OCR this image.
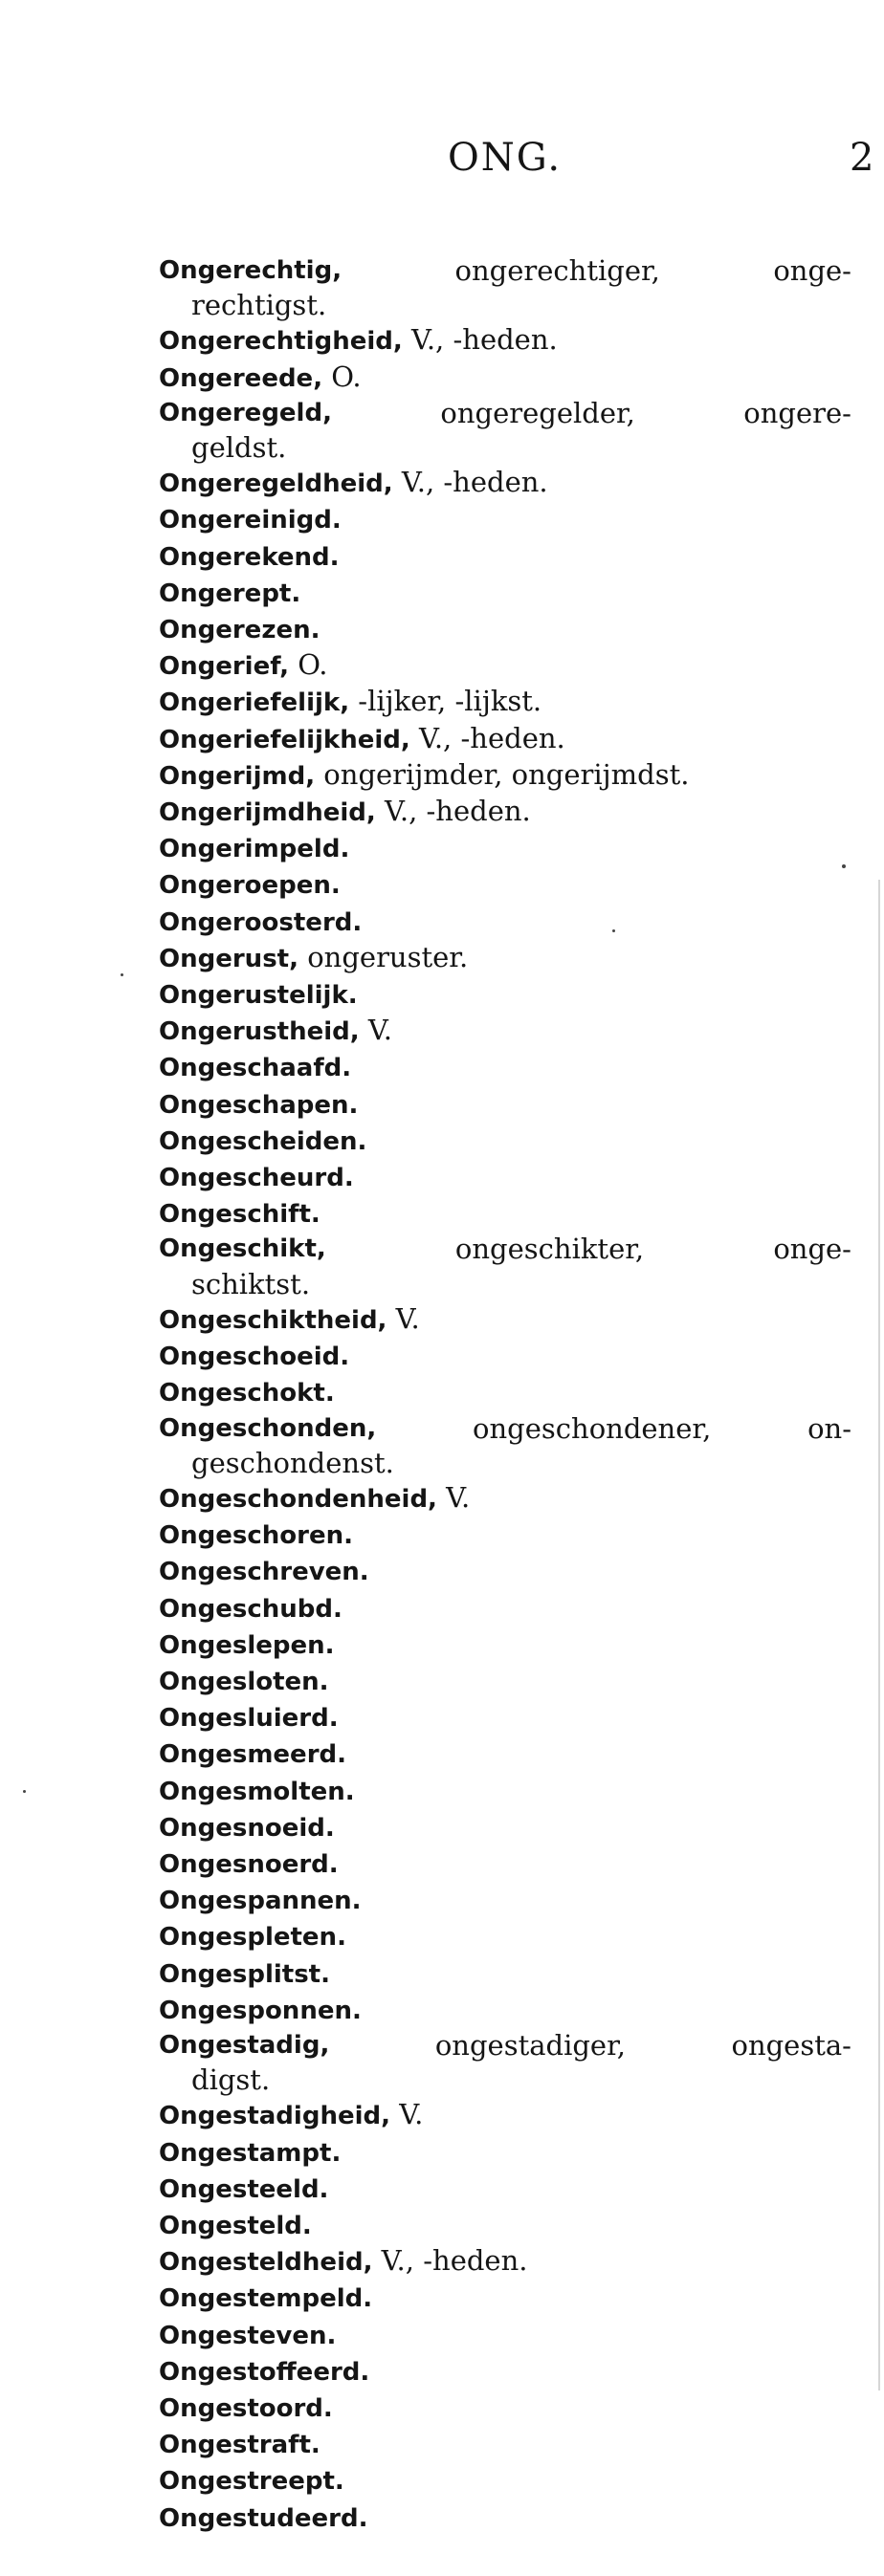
ONG.	2
Ongerechtig,	ongerechtiger,	onge-
rechtigst.
Ongerechtigheid, V., -heden.
Ongereede, O.
Ongeregeld,	ongeregelder,	ongere-
geldst.
Ongeregeldheid, V., -heden.
Ongereinigd.
Ongerekend.
Ongerept.
Ongerezen.
Ongerief, O.
Ongeriefelijk, -lijker, -lijkst.
Ongeriefelijkheid, V., -heden.
Ongerijmd, ongerijmder, ongerijmdst.
Ongerijmdheid, V., -heden.
Ongerimpeld.
Ongeroepen.
Ongeroosterd.
Ongerust, ongeruster.
Ongerustelijk.
Ongerustheid, V.
Ongeschaafd.
Ongeschapen.
Ongescheiden.
Ongescheurd.
Ongeschift.
Ongeschikt,	ongeschikter,	onge-
schiktst.
Ongeschiktheid, V.
Ongeschoeid.
Ongeschokt.
Ongeschonden,	ongeschondener,	on-
geschondenst.
Ongeschondenheid, V.
Ongeschoren.
Ongeschreven.
Ongeschubd.
Ongeslepen.
Ongesloten.
Ongesluierd.
Ongesmeerd.
Ongesmolten.
Ongesnoeid.
Ongesnoerd.
Ongespannen.
Ongespleten.
Ongesplitst.
Ongesponnen.
Ongestadig,	ongestadiger,	ongesta-
digst.
Ongestadigheid, V.
Ongestampt.
Ongesteeld.
Ongesteld.
Ongesteldheid, V., -heden.
Ongestempeld.
Ongesteven.
Ongestoffeerd.
Ongestoord.
Ongestraft.
Ongestreept.
Ongestudeerd.
